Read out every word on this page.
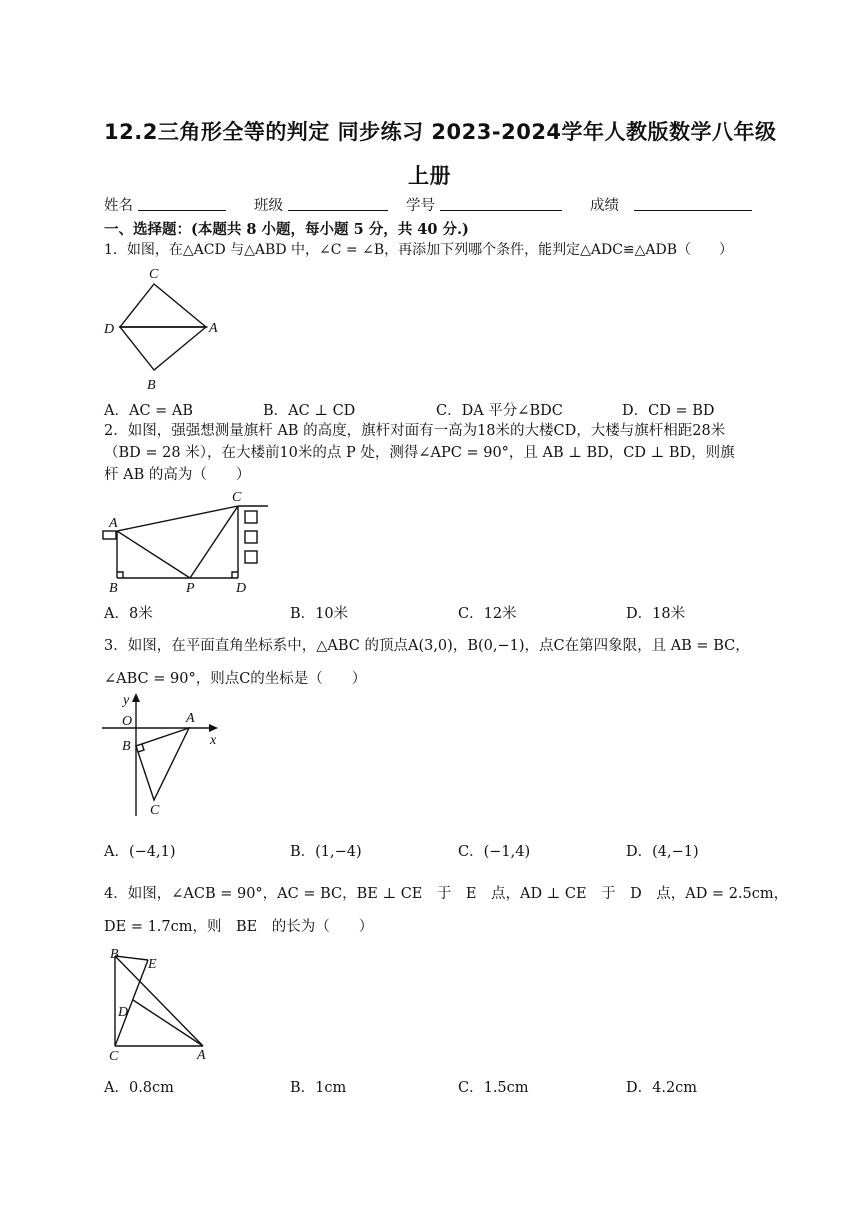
12.2三角形全等的判定 同步练习 2023-2024学年人教版数学八年级
上册
姓名	班级	学号	成绩
一、选择题：(本题共 8 小题，每小题 5 分，共 40 分.)
1．如图，在△ACD 与△ABD 中，∠C = ∠B，再添加下列哪个条件，能判定△ADC≌△ADB（　　）
C
D	A
B
A．AC = AB	B．AC ⊥ CD	C．DA 平分∠BDC	D．CD = BD
2．如图，强强想测量旗杆 AB 的高度，旗杆对面有一高为18米的大楼CD，大楼与旗杆相距28米
（BD = 28 米），在大楼前10米的点 P 处，测得∠APC = 90°，且 AB ⊥ BD，CD ⊥ BD，则旗
杆 AB 的高为（　　）
A
C
B	P	D
A．8米	B．10米	C．12米	D．18米
3．如图，在平面直角坐标系中，△ABC 的顶点A(3,0)，B(0,−1)，点C在第四象限，且 AB = BC，
∠ABC = 90°，则点C的坐标是（　　）
y
O	A
x
B
C
A．(−4,1)	B．(1,−4)	C．(−1,4)	D．(4,−1)
4．如图，∠ACB = 90°，AC = BC，BE ⊥ CE　于　E　点，AD ⊥ CE　于　D　点，AD = 2.5cm，
DE = 1.7cm，则　BE　的长为（　　）
B
E
D
C	A
A．0.8cm	B．1cm	C．1.5cm	D．4.2cm
